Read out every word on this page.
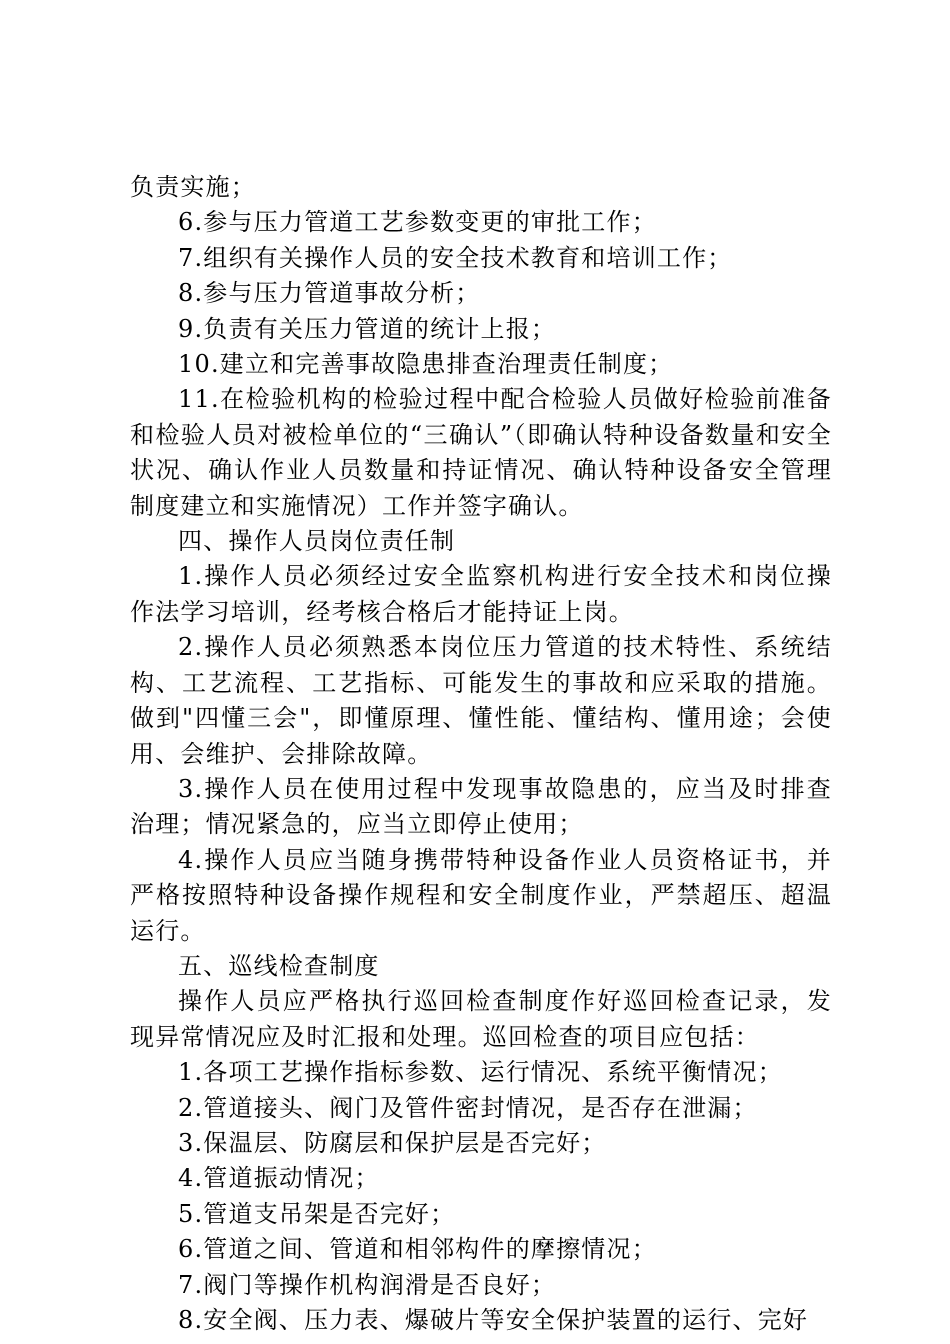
负责实施；

6.参与压力管道工艺参数变更的审批工作；

7.组织有关操作人员的安全技术教育和培训工作；

8.参与压力管道事故分析；

9.负责有关压力管道的统计上报；

10.建立和完善事故隐患排查治理责任制度；

11.在检验机构的检验过程中配合检验人员做好检验前准备和检验人员对被检单位的“三确认”（即确认特种设备数量和安全状况、确认作业人员数量和持证情况、确认特种设备安全管理制度建立和实施情况）工作并签字确认。

四、操作人员岗位责任制

1.操作人员必须经过安全监察机构进行安全技术和岗位操作法学习培训，经考核合格后才能持证上岗。

2.操作人员必须熟悉本岗位压力管道的技术特性、系统结构、工艺流程、工艺指标、可能发生的事故和应采取的措施。做到"四懂三会"，即懂原理、懂性能、懂结构、懂用途；会使用、会维护、会排除故障。

3.操作人员在使用过程中发现事故隐患的，应当及时排查治理；情况紧急的，应当立即停止使用；

4.操作人员应当随身携带特种设备作业人员资格证书，并严格按照特种设备操作规程和安全制度作业，严禁超压、超温运行。

五、巡线检查制度

操作人员应严格执行巡回检查制度作好巡回检查记录，发现异常情况应及时汇报和处理。巡回检查的项目应包括：

1.各项工艺操作指标参数、运行情况、系统平衡情况；

2.管道接头、阀门及管件密封情况，是否存在泄漏；

3.保温层、防腐层和保护层是否完好；

4.管道振动情况；

5.管道支吊架是否完好；

6.管道之间、管道和相邻构件的摩擦情况；

7.阀门等操作机构润滑是否良好；

8.安全阀、压力表、爆破片等安全保护装置的运行、完好
